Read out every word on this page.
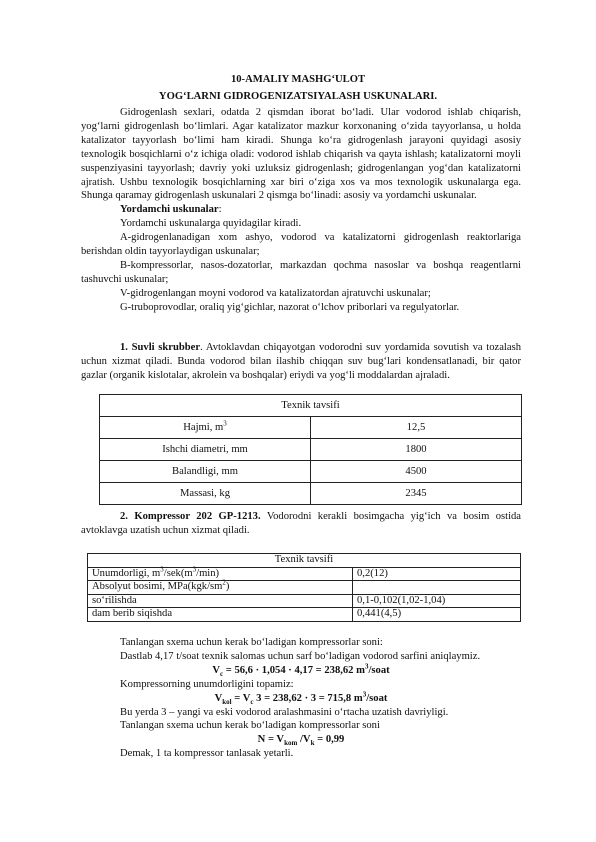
10-AMALIY MASHG‘ULOT
YOG‘LARNI GIDROGENIZATSIYALASH USKUNALARI.

Gidrogenlash sexlari, odatda 2 qismdan iborat bo‘ladi. Ular vodorod ishlab chiqarish, yog‘larni gidrogenlash bo‘limlari. Agar katalizator mazkur korxonaning o‘zida tayyorlansa, u holda katalizator tayyorlash bo‘limi ham kiradi. Shunga ko‘ra gidrogenlash jarayoni quyidagi asosiy texnologik bosqichlarni o‘z ichiga oladi: vodorod ishlab chiqarish va qayta ishlash; katalizatorni moyli suspenziyasini tayyorlash; davriy yoki uzluksiz gidrogenlash; gidrogenlangan yog‘dan katalizatorni ajratish. Ushbu texnologik bosqichlarning xar biri o‘ziga xos va mos texnologik uskunalarga ega. Shunga qaramay gidrogenlash uskunalari 2 qismga bo‘linadi: asosiy va yordamchi uskunalar.

Yordamchi uskunalar:

Yordamchi uskunalarga quyidagilar kiradi.

A-gidrogenlanadigan xom ashyo, vodorod va katalizatorni gidrogenlash reaktorlariga berishdan oldin tayyorlaydigan uskunalar;

B-kompressorlar, nasos-dozatorlar, markazdan qochma nasoslar va boshqa reagentlarni tashuvchi uskunalar;

V-gidrogenlangan moyni vodorod va katalizatordan ajratuvchi uskunalar;

G-truboprovodlar, oraliq yig‘gichlar, nazorat o‘lchov priborlari va regulyatorlar.

1. Suvli skrubber. Avtoklavdan chiqayotgan vodorodni suv yordamida sovutish va tozalash uchun xizmat qiladi. Bunda vodorod bilan ilashib chiqqan suv bug‘lari kondensatlanadi, bir qator gazlar (organik kislotalar, akrolein va boshqalar) eriydi va yog‘li moddalardan ajraladi.

Texnik tavsifi	
Hajmi, $m^3$	12,5
Ishchi diametri, mm	1800
Balandligi, mm	4500
Massasi, kg	2345

2. Kompressor 202 GP-1213. Vodorodni kerakli bosimgacha yig‘ich va bosim ostida avtoklavga uzatish uchun xizmat qiladi.

Texnik tavsifi	
Unumdorligi, $m^3/sek(m^3/\min)$	0,2(12)
Absolyut bosimi, $MPa(kgk/sm^2)$	
so‘rilishda	0,1-0,102(1,02-1,04)
dam berib siqishda	0,441(4,5)

Tanlangan sxema uchun kerak bo‘ladigan kompressorlar soni:

Dastlab 4,17 t/soat texnik salomas uchun sarf bo‘ladigan vodorod sarfini aniqlaymiz.

$V_c = 56,6 \cdot 1,054 \cdot 4,17 = 238,62$ $m^3$/soat

Kompressorning unumdorligini topamiz:

$V_{kol} = V_c$ 3 = 238,62 · 3 = 715,8 $m^3$/soat

Bu yerda 3 – yangi va eski vodorod aralashmasini o‘rtacha uzatish davriyligi.

Tanlangan sxema uchun kerak bo‘ladigan kompressorlar soni

$N = V_{kom}$ $/V_k = 0,99$

Demak, 1 ta kompressor tanlasak yetarli.
